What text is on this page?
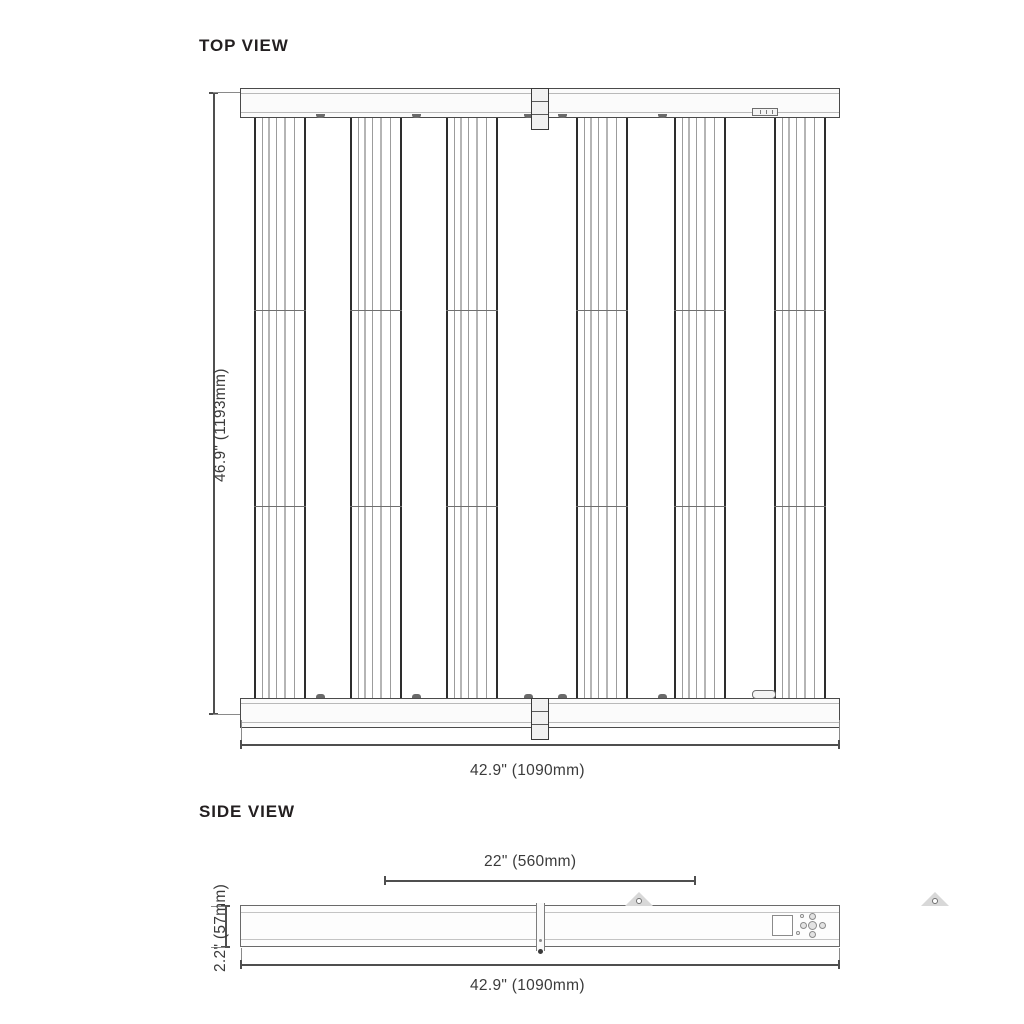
TOP VIEW
46.9" (1193mm)
42.9" (1090mm)
SIDE VIEW
22" (560mm)
2.2" (57mm)
42.9" (1090mm)
